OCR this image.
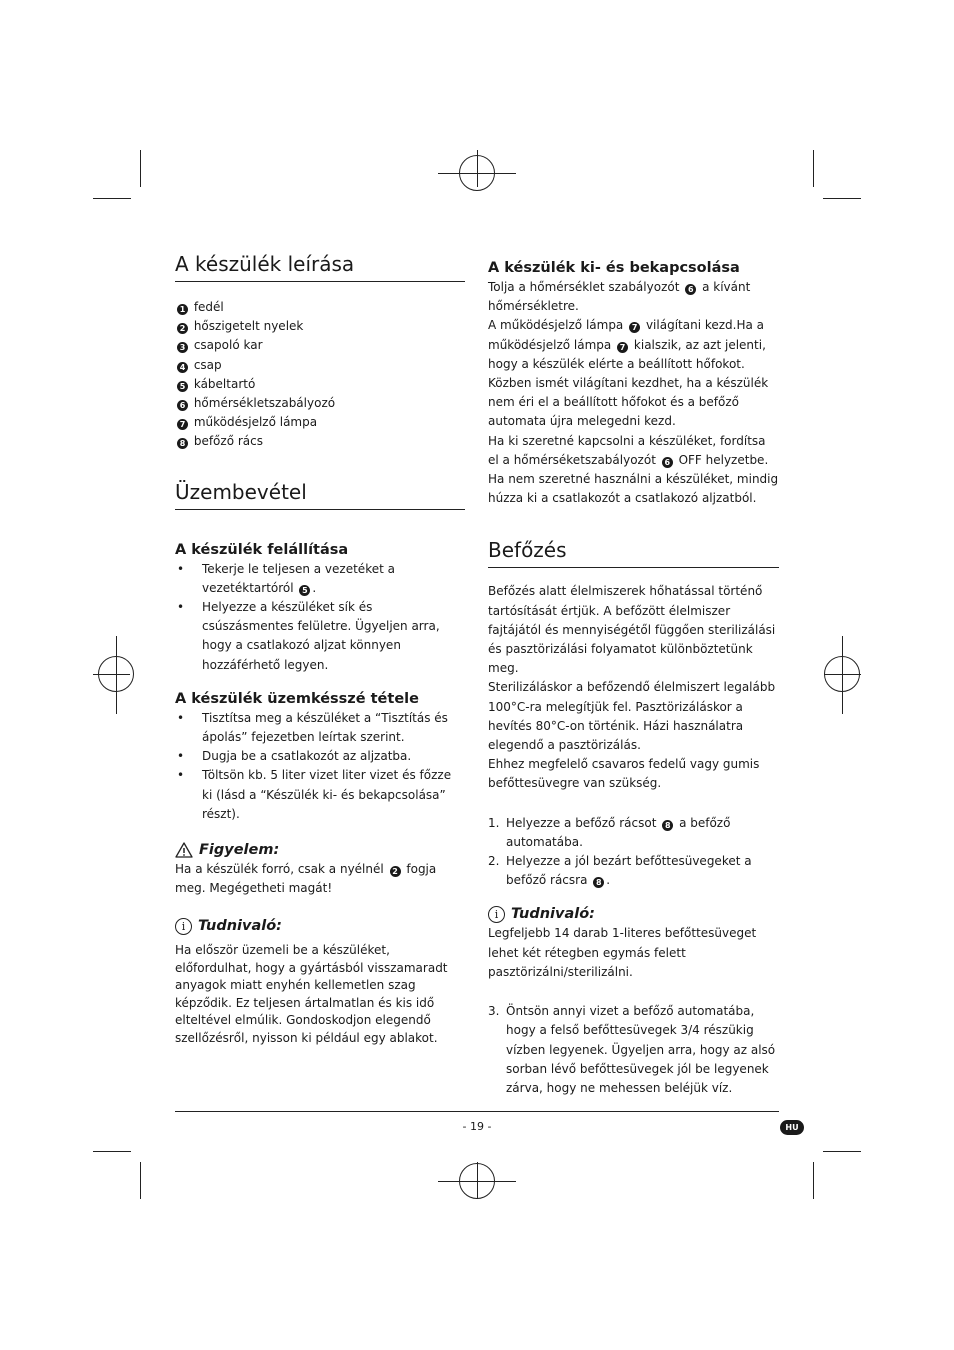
A készülék leírása
1 fedél
2 hőszigetelt nyelek
3 csapoló kar
4 csap
5 kábeltartó
6 hőmérsékletszabályozó
7 működésjelző lámpa
8 befőző rács
Üzembevétel
A készülék felállítása
• Tekerje le teljesen a vezetéket a vezetéktartóról 5 .
• Helyezze a készüléket sík és csúszásmentes felületre. Ügyeljen arra, hogy a csatlakozó aljzat könnyen hozzáférhető legyen.
A készülék üzemkésszé tétele
• Tisztítsa meg a készüléket a “Tisztítás és ápolás” fejezetben leírtak szerint.
• Dugja be a csatlakozót az aljzatba.
• Töltsön kb. 5 liter vizet liter vizet és főzze ki (lásd a “Készülék ki- és bekapcsolása” részt).
Figyelem:

Ha a készülék forró, csak a nyélnél 2 fogja meg. Megégetheti magát!

i Tudnivaló:

Ha először üzemeli be a készüléket, előfordulhat, hogy a gyártásból visszamaradt anyagok miatt enyhén kellemetlen szag képződik. Ez teljesen ártalmatlan és kis idő elteltével elmúlik. Gondoskodjon elegendő szellőzésről, nyisson ki például egy ablakot.

A készülék ki- és bekapcsolása

Tolja a hőmérséklet szabályozót 6 a kívánt hőmérsékletre.

A működésjelző lámpa 7 világítani kezd.Ha a működésjelző lámpa 7 kialszik, az azt jelenti, hogy a készülék elérte a beállított hőfokot. Közben ismét világítani kezdhet, ha a készülék nem éri el a beállított hőfokot és a befőző automata újra melegedni kezd.

Ha ki szeretné kapcsolni a készüléket, fordítsa el a hőmérséketszabályozót 6 OFF helyzetbe.

Ha nem szeretné használni a készüléket, mindig húzza ki a csatlakozót a csatlakozó aljzatból.

Befőzés

Befőzés alatt élelmiszerek hőhatással történő tartósítását értjük. A befőzött élelmiszer fajtájától és mennyiségétől függően sterilizálási és pasztörizálási folyamatot különböztetünk meg.

Sterilizáláskor a befőzendő élelmiszert legalább 100°C-ra melegítjük fel. Pasztörizáláskor a hevítés 80°C-on történik. Házi használatra elegendő a pasztörizálás.

Ehhez megfelelő csavaros fedelű vagy gumis befőttesüvegre van szükség.

1. Helyezze a befőző rácsot 8 a befőző automatába.
2. Helyezze a jól bezárt befőttesüvegeket a befőző rácsra 8 .
i Tudnivaló:

Legfeljebb 14 darab 1-literes befőttesüveget lehet két rétegben egymás felett pasztörizálni/sterilizálni.

3. Öntsön annyi vizet a befőző automatába, hogy a felső befőttesüvegek 3/4 részükig vízben legyenek. Ügyeljen arra, hogy az alsó sorban lévő befőttesüvegek jól be legyenek zárva, hogy ne mehessen beléjük víz.
- 19 -	HU
